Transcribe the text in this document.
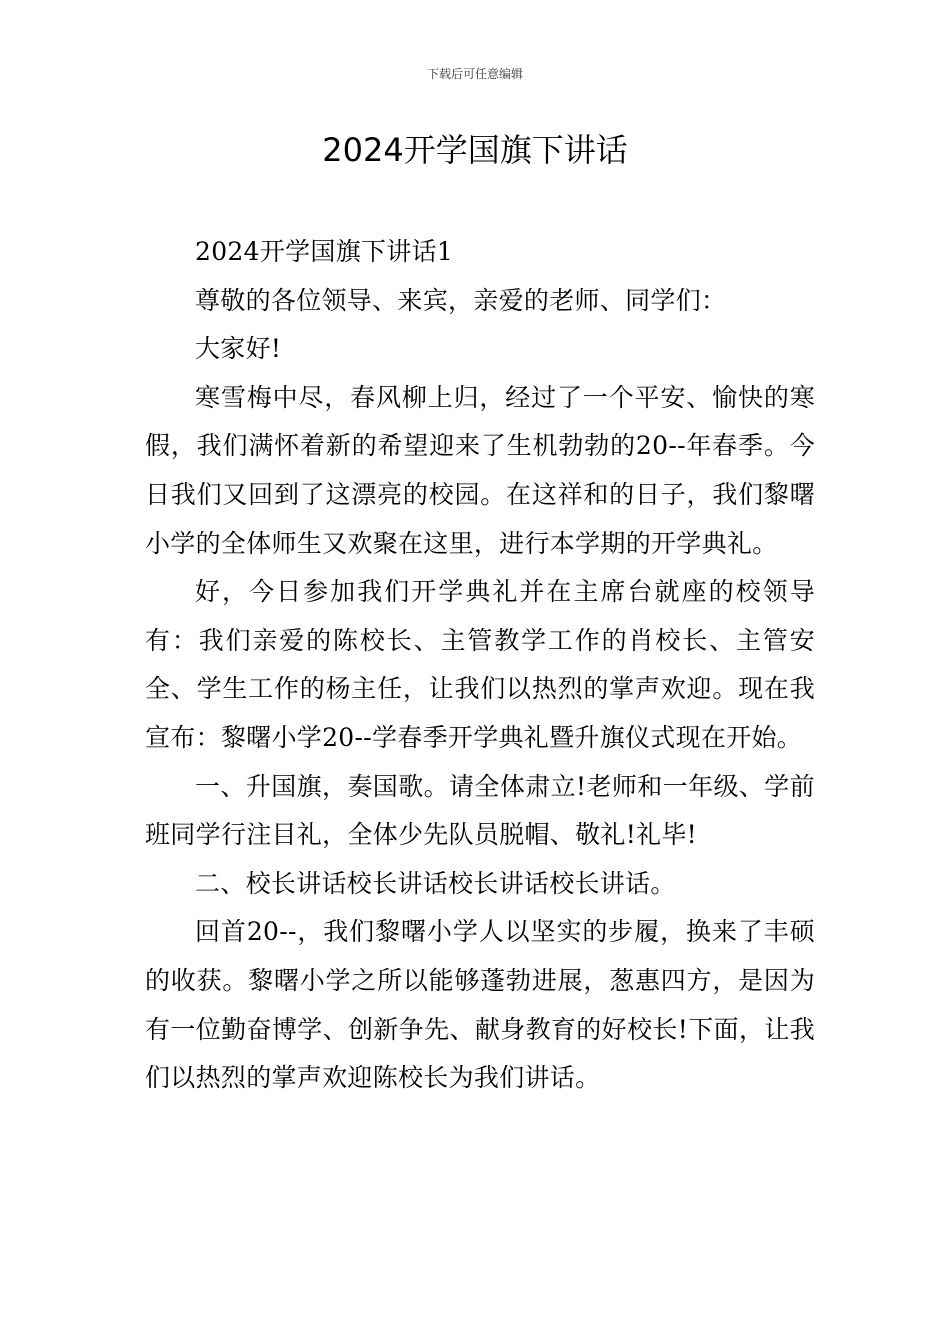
下载后可任意编辑
2024开学国旗下讲话

2024开学国旗下讲话1

尊敬的各位领导、来宾，亲爱的老师、同学们：

大家好!

寒雪梅中尽，春风柳上归，经过了一个平安、愉快的寒假，我们满怀着新的希望迎来了生机勃勃的20--年春季。今日我们又回到了这漂亮的校园。在这祥和的日子，我们黎曙小学的全体师生又欢聚在这里，进行本学期的开学典礼。

好，今日参加我们开学典礼并在主席台就座的校领导有：我们亲爱的陈校长、主管教学工作的肖校长、主管安全、学生工作的杨主任，让我们以热烈的掌声欢迎。现在我宣布：黎曙小学20--学春季开学典礼暨升旗仪式现在开始。

一、升国旗，奏国歌。请全体肃立!老师和一年级、学前班同学行注目礼，全体少先队员脱帽、敬礼!礼毕!

二、校长讲话校长讲话校长讲话校长讲话。

回首20--，我们黎曙小学人以坚实的步履，换来了丰硕的收获。黎曙小学之所以能够蓬勃进展，葱惠四方，是因为有一位勤奋博学、创新争先、献身教育的好校长!下面，让我们以热烈的掌声欢迎陈校长为我们讲话。
